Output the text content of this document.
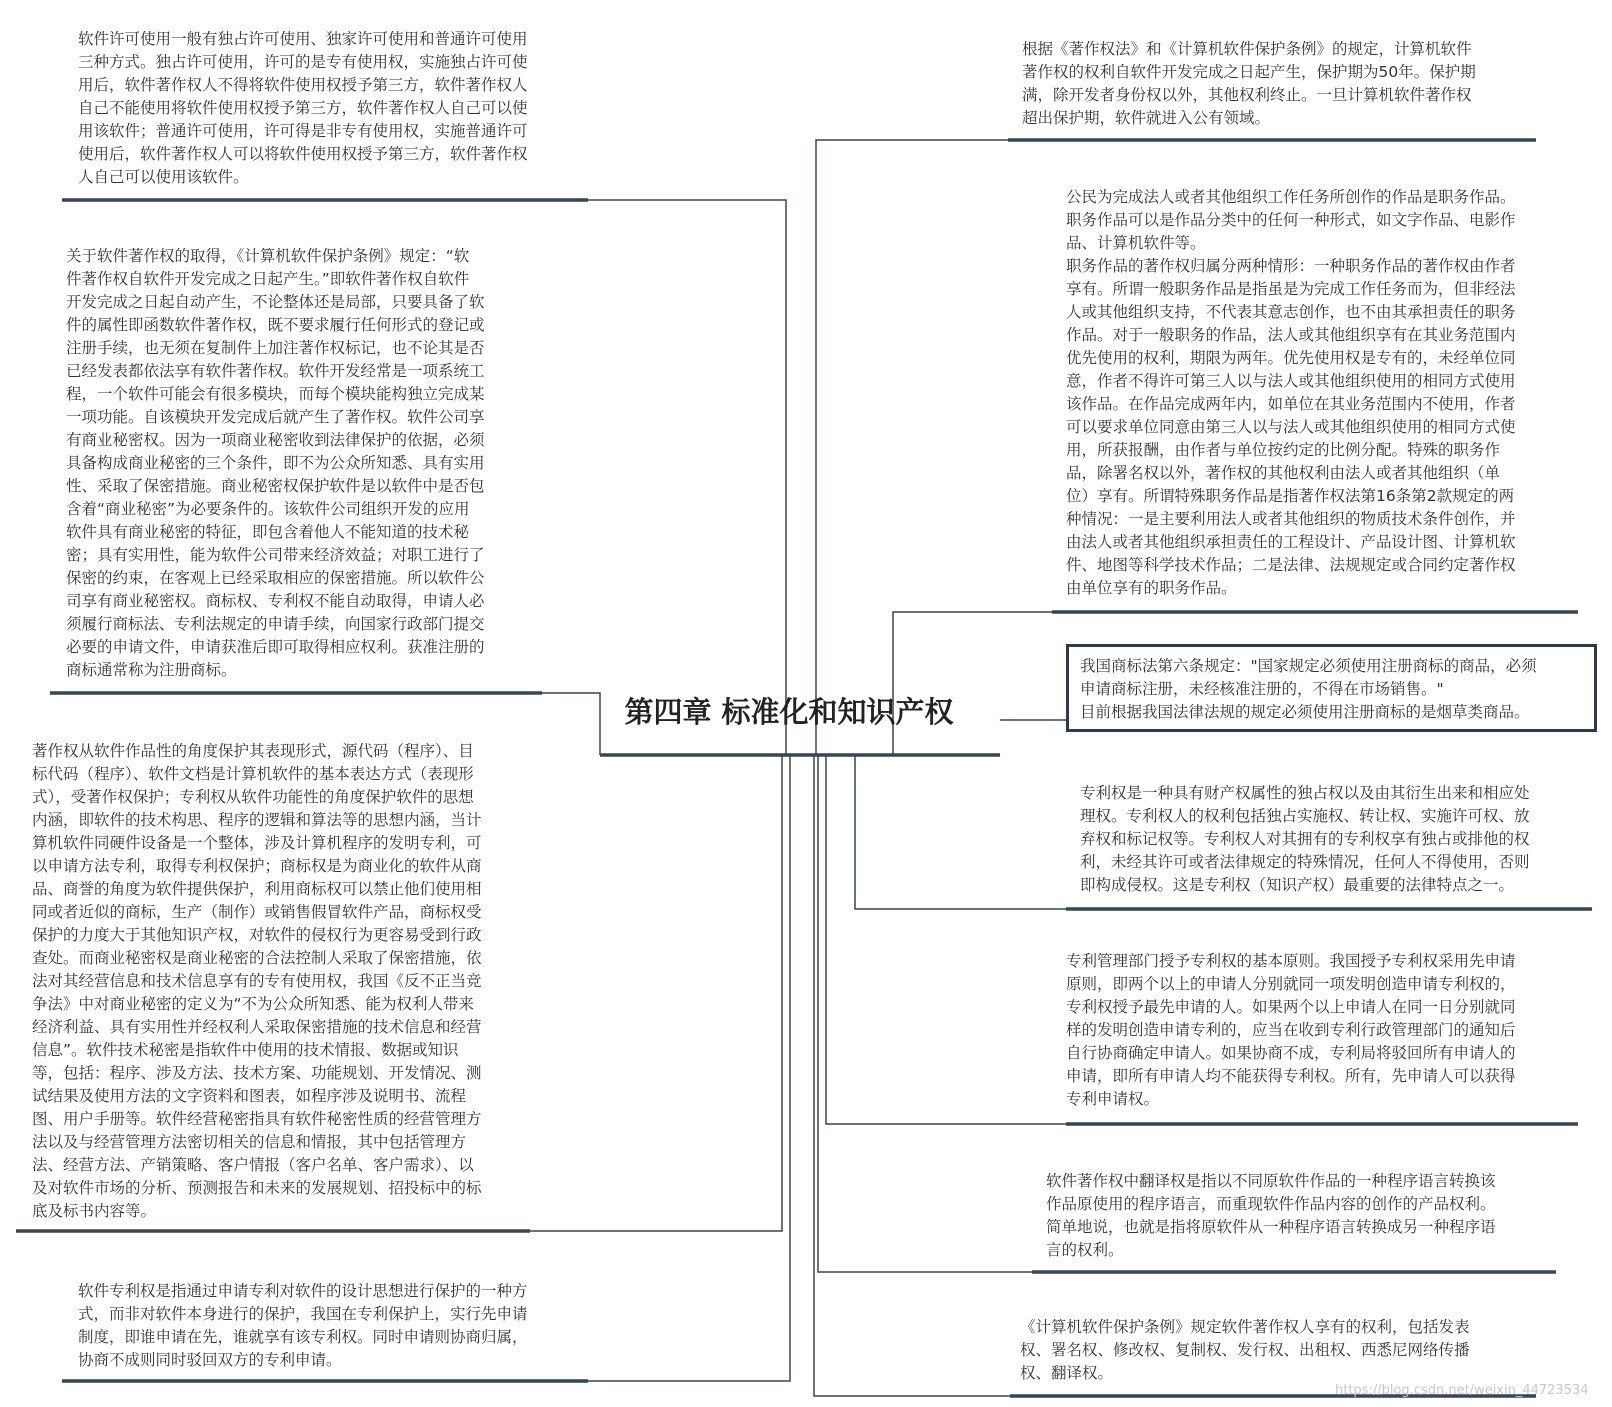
第四章 标准化和知识产权
软件许可使用一般有独占许可使用、独家许可使用和普通许可使用
三种方式。独占许可使用，许可的是专有使用权，实施独占许可使
用后，软件著作权人不得将软件使用权授予第三方，软件著作权人
自己不能使用将软件使用权授予第三方，软件著作权人自己可以使
用该软件；普通许可使用，许可得是非专有使用权，实施普通许可
使用后，软件著作权人可以将软件使用权授予第三方，软件著作权
人自己可以使用该软件。
关于软件著作权的取得，《计算机软件保护条例》规定：“软
件著作权自软件开发完成之日起产生。”即软件著作权自软件
开发完成之日起自动产生，不论整体还是局部，只要具备了软
件的属性即函数软件著作权，既不要求履行任何形式的登记或
注册手续，也无须在复制件上加注著作权标记，也不论其是否
已经发表都依法享有软件著作权。软件开发经常是一项系统工
程，一个软件可能会有很多模块，而每个模块能构独立完成某
一项功能。自该模块开发完成后就产生了著作权。软件公司享
有商业秘密权。因为一项商业秘密收到法律保护的依据，必须
具备构成商业秘密的三个条件，即不为公众所知悉、具有实用
性、采取了保密措施。商业秘密权保护软件是以软件中是否包
含着“商业秘密”为必要条件的。该软件公司组织开发的应用
软件具有商业秘密的特征，即包含着他人不能知道的技术秘
密；具有实用性，能为软件公司带来经济效益；对职工进行了
保密的约束，在客观上已经采取相应的保密措施。所以软件公
司享有商业秘密权。商标权、专利权不能自动取得，申请人必
须履行商标法、专利法规定的申请手续，向国家行政部门提交
必要的申请文件，申请获准后即可取得相应权利。获准注册的
商标通常称为注册商标。
著作权从软件作品性的角度保护其表现形式，源代码（程序）、目
标代码（程序）、软件文档是计算机软件的基本表达方式（表现形
式），受著作权保护；专利权从软件功能性的角度保护软件的思想
内涵，即软件的技术构思、程序的逻辑和算法等的思想内涵，当计
算机软件同硬件设备是一个整体，涉及计算机程序的发明专利，可
以申请方法专利，取得专利权保护；商标权是为商业化的软件从商
品、商誉的角度为软件提供保护，利用商标权可以禁止他们使用相
同或者近似的商标，生产（制作）或销售假冒软件产品，商标权受
保护的力度大于其他知识产权，对软件的侵权行为更容易受到行政
查处。而商业秘密权是商业秘密的合法控制人采取了保密措施，依
法对其经营信息和技术信息享有的专有使用权，我国《反不正当竞
争法》中对商业秘密的定义为“不为公众所知悉、能为权利人带来
经济利益、具有实用性并经权利人采取保密措施的技术信息和经营
信息”。软件技术秘密是指软件中使用的技术情报、数据或知识
等，包括：程序、涉及方法、技术方案、功能规划、开发情况、测
试结果及使用方法的文字资料和图表，如程序涉及说明书、流程
图、用户手册等。软件经营秘密指具有软件秘密性质的经营管理方
法以及与经营管理方法密切相关的信息和情报，其中包括管理方
法、经营方法、产销策略、客户情报（客户名单、客户需求）、以
及对软件市场的分析、预测报告和未来的发展规划、招投标中的标
底及标书内容等。
软件专利权是指通过申请专利对软件的设计思想进行保护的一种方
式，而非对软件本身进行的保护，我国在专利保护上，实行先申请
制度，即谁申请在先，谁就享有该专利权。同时申请则协商归属，
协商不成则同时驳回双方的专利申请。
根据《著作权法》和《计算机软件保护条例》的规定，计算机软件
著作权的权利自软件开发完成之日起产生，保护期为50年。保护期
满，除开发者身份权以外，其他权利终止。一旦计算机软件著作权
超出保护期，软件就进入公有领域。
公民为完成法人或者其他组织工作任务所创作的作品是职务作品。
职务作品可以是作品分类中的任何一种形式，如文字作品、电影作
品、计算机软件等。
职务作品的著作权归属分两种情形：一种职务作品的著作权由作者
享有。所谓一般职务作品是指虽是为完成工作任务而为，但非经法
人或其他组织支持，不代表其意志创作，也不由其承担责任的职务
作品。对于一般职务的作品，法人或其他组织享有在其业务范围内
优先使用的权利，期限为两年。优先使用权是专有的，未经单位同
意，作者不得许可第三人以与法人或其他组织使用的相同方式使用
该作品。在作品完成两年内，如单位在其业务范围内不使用，作者
可以要求单位同意由第三人以与法人或其他组织使用的相同方式使
用，所获报酬，由作者与单位按约定的比例分配。特殊的职务作
品，除署名权以外，著作权的其他权利由法人或者其他组织（单
位）享有。所谓特殊职务作品是指著作权法第16条第2款规定的两
种情况：一是主要利用法人或者其他组织的物质技术条件创作，并
由法人或者其他组织承担责任的工程设计、产品设计图、计算机软
件、地图等科学技术作品；二是法律、法规规定或合同约定著作权
由单位享有的职务作品。
我国商标法第六条规定："国家规定必须使用注册商标的商品，必须
申请商标注册，未经核准注册的，不得在市场销售。"
目前根据我国法律法规的规定必须使用注册商标的是烟草类商品。
专利权是一种具有财产权属性的独占权以及由其衍生出来和相应处
理权。专利权人的权利包括独占实施权、转让权、实施许可权、放
弃权和标记权等。专利权人对其拥有的专利权享有独占或排他的权
利，未经其许可或者法律规定的特殊情况，任何人不得使用，否则
即构成侵权。这是专利权（知识产权）最重要的法律特点之一。
专利管理部门授予专利权的基本原则。我国授予专利权采用先申请
原则，即两个以上的申请人分别就同一项发明创造申请专利权的，
专利权授予最先申请的人。如果两个以上申请人在同一日分别就同
样的发明创造申请专利的，应当在收到专利行政管理部门的通知后
自行协商确定申请人。如果协商不成，专利局将驳回所有申请人的
申请，即所有申请人均不能获得专利权。所有，先申请人可以获得
专利申请权。
软件著作权中翻译权是指以不同原软件作品的一种程序语言转换该
作品原使用的程序语言，而重现软件作品内容的创作的产品权利。
简单地说，也就是指将原软件从一种程序语言转换成另一种程序语
言的权利。
《计算机软件保护条例》规定软件著作权人享有的权利，包括发表
权、署名权、修改权、复制权、发行权、出租权、西悉尼网络传播
权、翻译权。
https://blog.csdn.net/weixin_44723534
